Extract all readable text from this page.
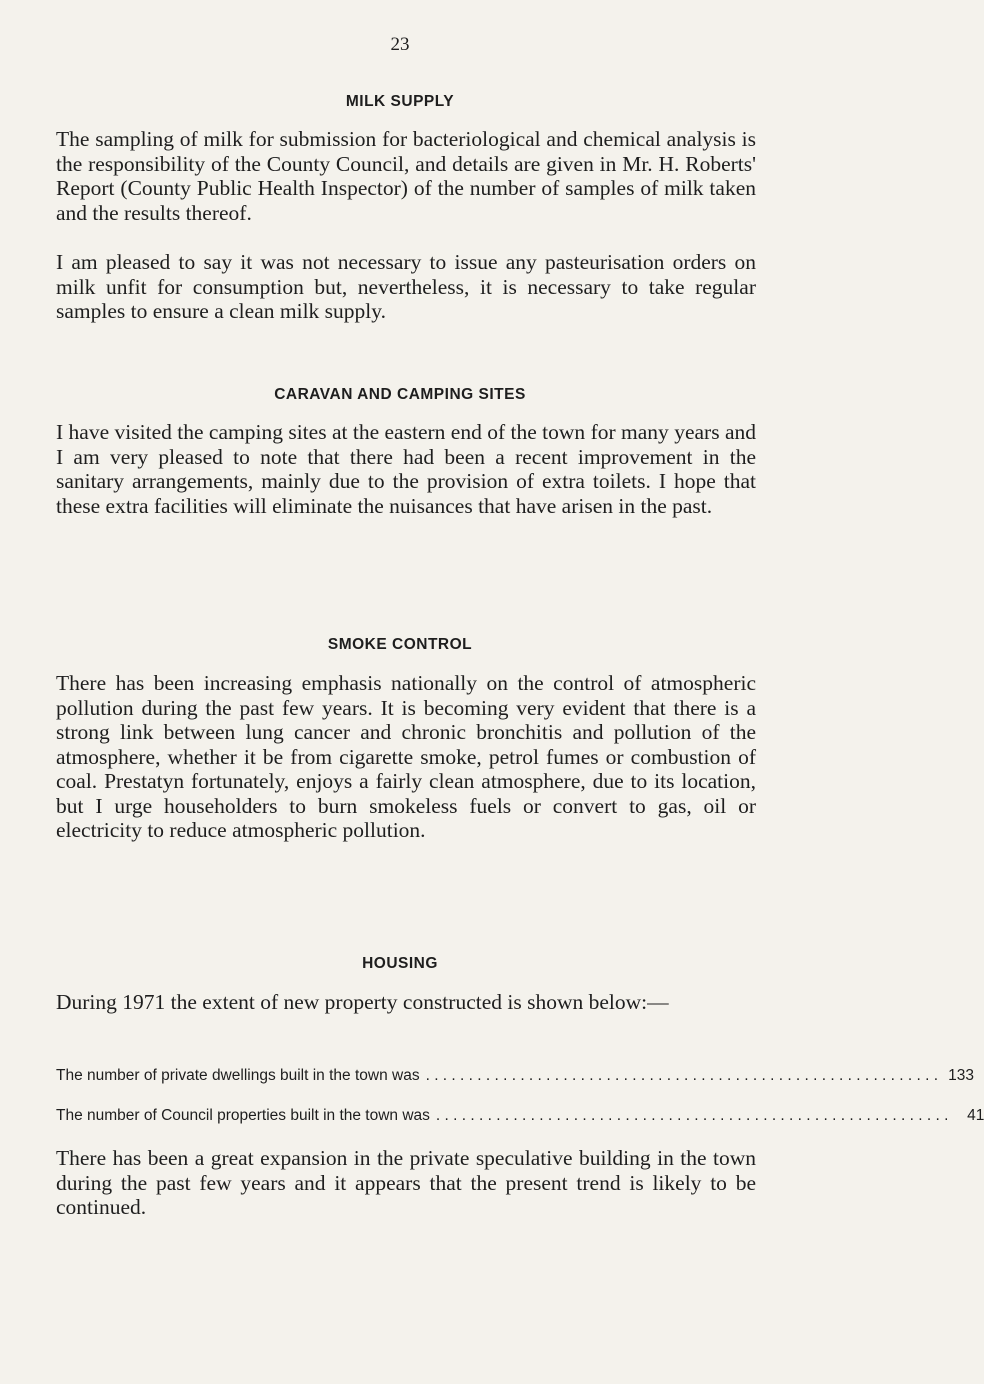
23
MILK SUPPLY

The sampling of milk for submission for bacteriological and chemical analysis is the responsibility of the County Council, and details are given in Mr. H. Roberts' Report (County Public Health Inspector) of the number of samples of milk taken and the results thereof.

I am pleased to say it was not necessary to issue any pasteurisation orders on milk unfit for consumption but, nevertheless, it is necessary to take regular samples to ensure a clean milk supply.

CARAVAN AND CAMPING SITES

I have visited the camping sites at the eastern end of the town for many years and I am very pleased to note that there had been a recent improvement in the sanitary arrangements, mainly due to the provision of extra toilets. I hope that these extra facilities will eliminate the nuisances that have arisen in the past.

SMOKE CONTROL

There has been increasing emphasis nationally on the control of atmospheric pollution during the past few years. It is becoming very evident that there is a strong link between lung cancer and chronic bronchitis and pollution of the atmosphere, whether it be from cigarette smoke, petrol fumes or combustion of coal. Prestatyn fortunately, enjoys a fairly clean atmosphere, due to its location, but I urge householders to burn smokeless fuels or convert to gas, oil or electricity to reduce atmospheric pollution.

HOUSING

During 1971 the extent of new property constructed is shown below:—

The number of private dwellings built in the town was . . . . . . . . . . . . . . . . . . . . . . . . . . . . . . . . . . . . . . . . . . . . . . . . . . . . . . . . . . . . 133
The number of Council properties built in the town was . . . . . . . . . . . . . . . . . . . . . . . . . . . . . . . . . . . . . . . . . . . . . . . . . . . . . . . . . . . .	41

There has been a great expansion in the private speculative building in the town during the past few years and it appears that the present trend is likely to be continued.
